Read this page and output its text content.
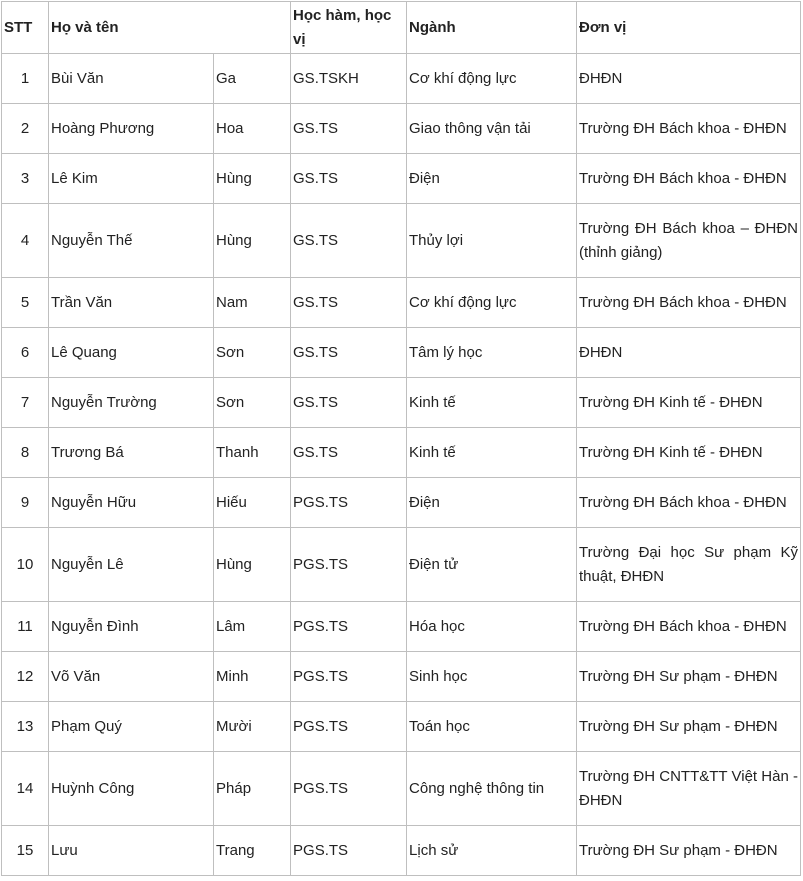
STT	Họ và tên		Học hàm, học vị	Ngành	Đơn vị
1	Bùi Văn	Ga	GS.TSKH	Cơ khí động lực	ĐHĐN
2	Hoàng Phương	Hoa	GS.TS	Giao thông vận tải	Trường ĐH Bách khoa - ĐHĐN
3	Lê Kim	Hùng	GS.TS	Điện	Trường ĐH Bách khoa - ĐHĐN
4	Nguyễn Thế	Hùng	GS.TS	Thủy lợi	Trường ĐH Bách khoa – ĐHĐN (thỉnh giảng)
5	Trần Văn	Nam	GS.TS	Cơ khí động lực	Trường ĐH Bách khoa - ĐHĐN
6	Lê Quang	Sơn	GS.TS	Tâm lý học	ĐHĐN
7	Nguyễn Trường	Sơn	GS.TS	Kinh tế	Trường ĐH Kinh tế - ĐHĐN
8	Trương Bá	Thanh	GS.TS	Kinh tế	Trường ĐH Kinh tế - ĐHĐN
9	Nguyễn Hữu	Hiếu	PGS.TS	Điện	Trường ĐH Bách khoa - ĐHĐN
10	Nguyễn Lê	Hùng	PGS.TS	Điện tử	Trường Đại học Sư phạm Kỹ thuật, ĐHĐN
11	Nguyễn Đình	Lâm	PGS.TS	Hóa học	Trường ĐH Bách khoa - ĐHĐN
12	Võ Văn	Minh	PGS.TS	Sinh học	Trường ĐH Sư phạm - ĐHĐN
13	Phạm Quý	Mười	PGS.TS	Toán học	Trường ĐH Sư phạm - ĐHĐN
14	Huỳnh Công	Pháp	PGS.TS	Công nghệ thông tin	Trường ĐH CNTT&TT Việt Hàn - ĐHĐN
15	Lưu	Trang	PGS.TS	Lịch sử	Trường ĐH Sư phạm - ĐHĐN
